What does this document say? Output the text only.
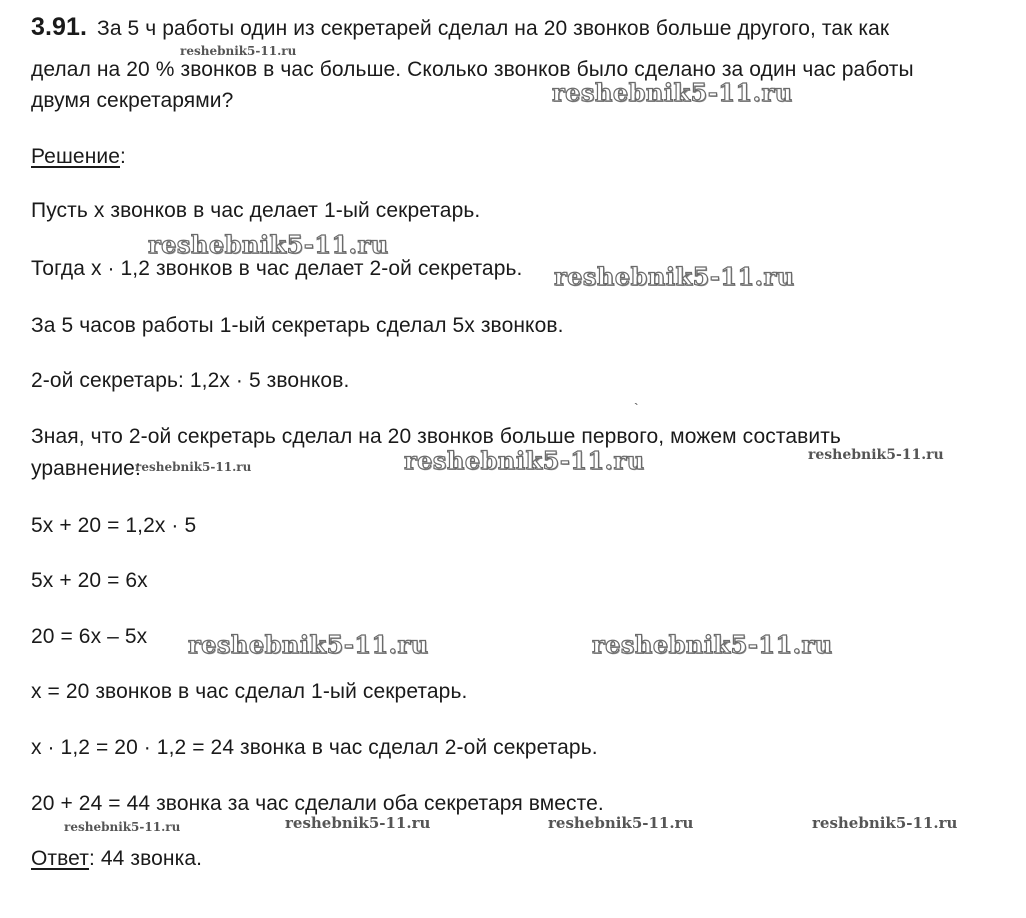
3.91. За 5 ч работы один из секретарей сделал на 20 звонков больше другого, так как
делал на 20 % звонков в час больше. Сколько звонков было сделано за один час работы
двумя секретарями?
Решение:
Пусть х звонков в час делает 1-ый секретарь.
Тогда х · 1,2 звонков в час делает 2-ой секретарь.
За 5 часов работы 1-ый секретарь сделал 5х звонков.
2-ой секретарь: 1,2х · 5 звонков.
Зная, что 2-ой секретарь сделал на 20 звонков больше первого, можем составить
уравнение:
5х + 20 = 1,2х · 5
5х + 20 = 6х
20 = 6х – 5х
х = 20 звонков в час сделал 1-ый секретарь.
х · 1,2 = 20 · 1,2 = 24 звонка в час сделал 2-ой секретарь.
20 + 24 = 44 звонка за час сделали оба секретаря вместе.
Ответ: 44 звонка.
reshebnik5-11.ru
reshebnik5-11.ru
reshebnik5-11.ru
reshebnik5-11.ru
reshebnik5-11.ru	reshebnik5-11.ru	reshebnik5-11.ru
reshebnik5-11.ru	reshebnik5-11.ru
reshebnik5-11.ru	reshebnik5-11.ru	reshebnik5-11.ru	reshebnik5-11.ru
`
